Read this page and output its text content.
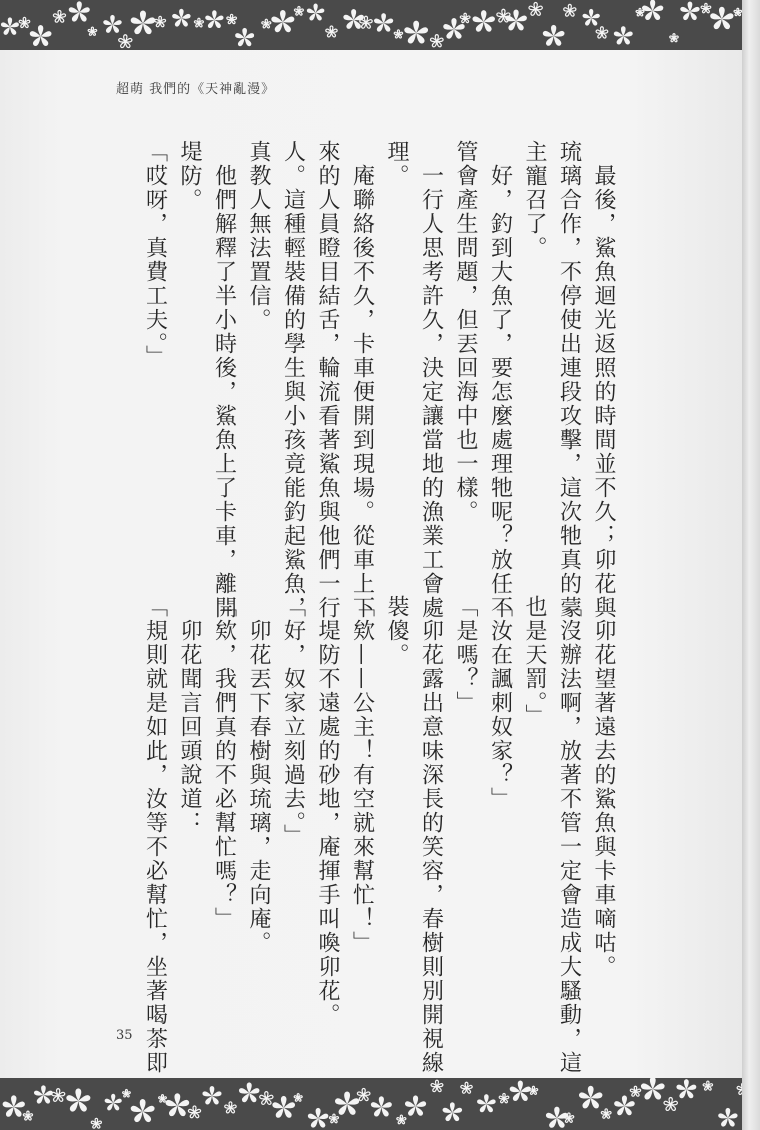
超萌 我們的《天神亂漫》
　最後，鯊魚迴光返照的時間並不久；卯花與
琉璃合作，不停使出連段攻擊，這次牠真的蒙
主寵召了。
　好，釣到大魚了，要怎麼處理牠呢？放任不
管會產生問題，但丟回海中也一樣。
　一行人思考許久，決定讓當地的漁業工會處
理。
　庵聯絡後不久，卡車便開到現場。從車上下
來的人員瞪目結舌，輪流看著鯊魚與他們一行
人。這種輕裝備的學生與小孩竟能釣起鯊魚，
真教人無法置信。
　他們解釋了半小時後，鯊魚上了卡車，離開
堤防。
「哎呀，真費工夫。」
　卯花望著遠去的鯊魚與卡車嘀咕。
「沒辦法啊，放著不管一定會造成大騷動，這
也是天罰。」
「汝在諷刺奴家？」
「是嗎？」
　卯花露出意味深長的笑容，春樹則別開視線
裝傻。
「欸——公主！有空就來幫忙！」
　堤防不遠處的砂地，庵揮手叫喚卯花。
「好，奴家立刻過去。」
　卯花丟下春樹與琉璃，走向庵。
「欸，我們真的不必幫忙嗎？」
　卯花聞言回頭說道：
「規則就是如此，汝等不必幫忙，坐著喝茶即
35
